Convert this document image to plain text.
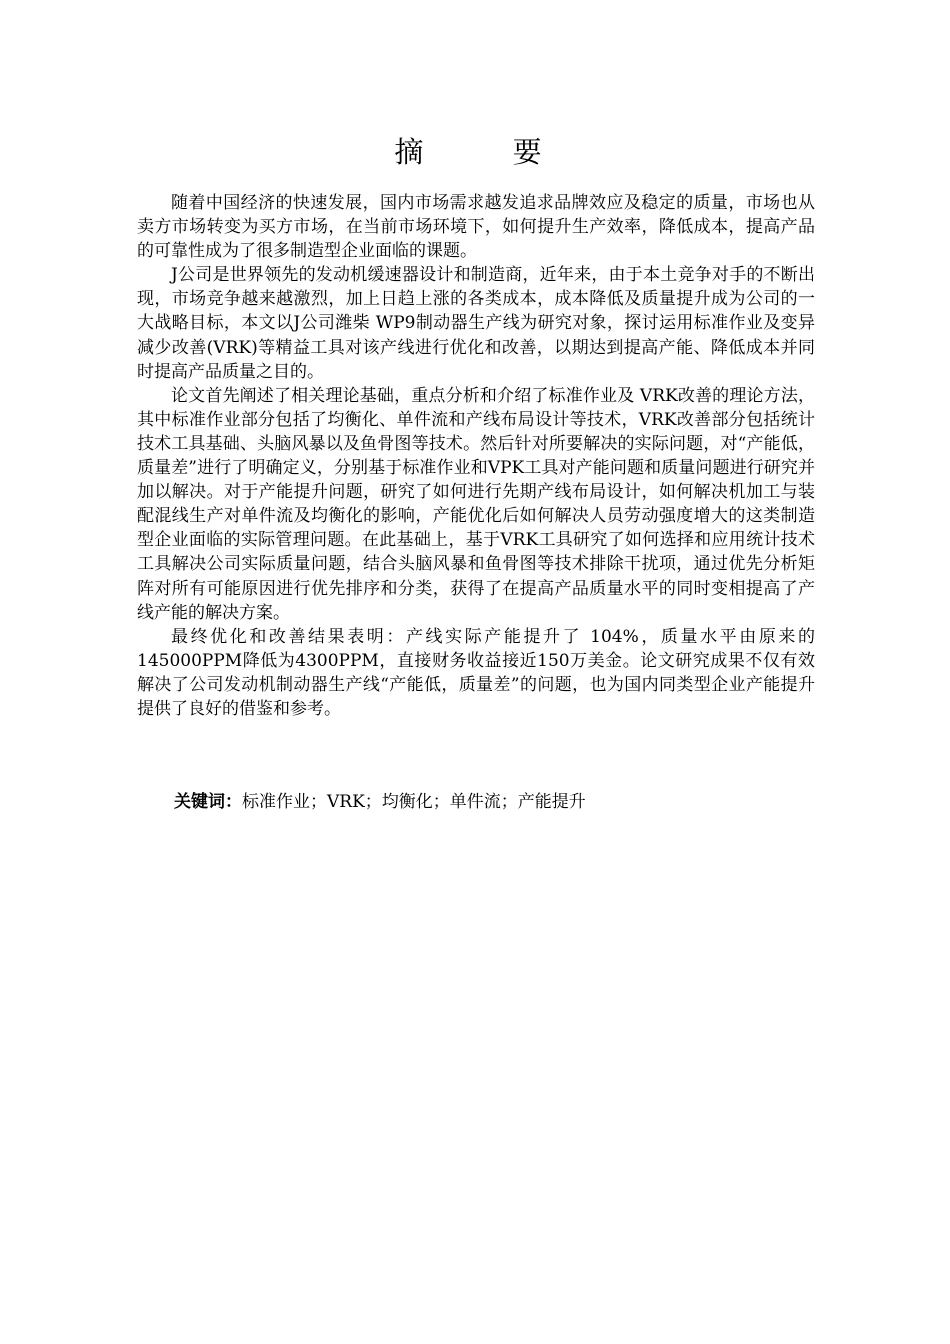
摘 要

随着中国经济的快速发展，国内市场需求越发追求品牌效应及稳定的质量，市场也从卖方市场转变为买方市场，在当前市场环境下，如何提升生产效率，降低成本，提高产品的可靠性成为了很多制造型企业面临的课题。

J公司是世界领先的发动机缓速器设计和制造商，近年来，由于本土竞争对手的不断出现，市场竞争越来越激烈，加上日趋上涨的各类成本，成本降低及质量提升成为公司的一大战略目标，本文以J公司潍柴 WP9制动器生产线为研究对象，探讨运用标准作业及变异减少改善(VRK)等精益工具对该产线进行优化和改善，以期达到提高产能、降低成本并同时提高产品质量之目的。

论文首先阐述了相关理论基础，重点分析和介绍了标准作业及 VRK改善的理论方法，其中标准作业部分包括了均衡化、单件流和产线布局设计等技术，VRK改善部分包括统计技术工具基础、头脑风暴以及鱼骨图等技术。然后针对所要解决的实际问题，对“产能低，质量差”进行了明确定义，分别基于标准作业和VPK工具对产能问题和质量问题进行研究并加以解决。对于产能提升问题，研究了如何进行先期产线布局设计，如何解决机加工与装配混线生产对单件流及均衡化的影响，产能优化后如何解决人员劳动强度增大的这类制造型企业面临的实际管理问题。在此基础上，基于VRK工具研究了如何选择和应用统计技术工具解决公司实际质量问题，结合头脑风暴和鱼骨图等技术排除干扰项，通过优先分析矩阵对所有可能原因进行优先排序和分类，获得了在提高产品质量水平的同时变相提高了产线产能的解决方案。

最终优化和改善结果表明：产线实际产能提升了 104%，质量水平由原来的145000PPM降低为4300PPM，直接财务收益接近150万美金。论文研究成果不仅有效解决了公司发动机制动器生产线“产能低，质量差”的问题，也为国内同类型企业产能提升提供了良好的借鉴和参考。

关键词：标准作业；VRK；均衡化；单件流；产能提升
